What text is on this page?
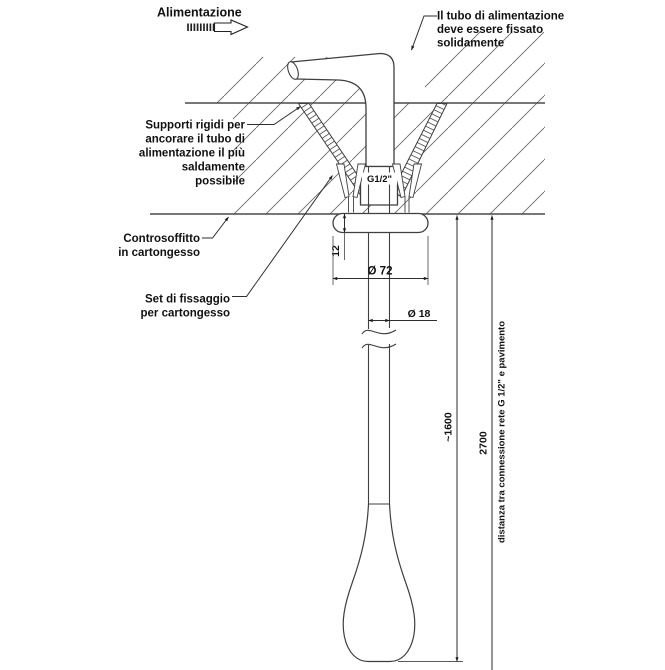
12
Ø 72
Ø 18
~1600
2700 distanza tra connessione rete G 1/2" e pavimento
G1/2"
Alimentazione	Il tubo di alimentazione
deve essere fissato
solidamente
Supporti rigidi per
ancorare il tubo di
alimentazione il più
saldamente
possibile
Controsoffitto
in cartongesso
Set di fissaggio
per cartongesso
